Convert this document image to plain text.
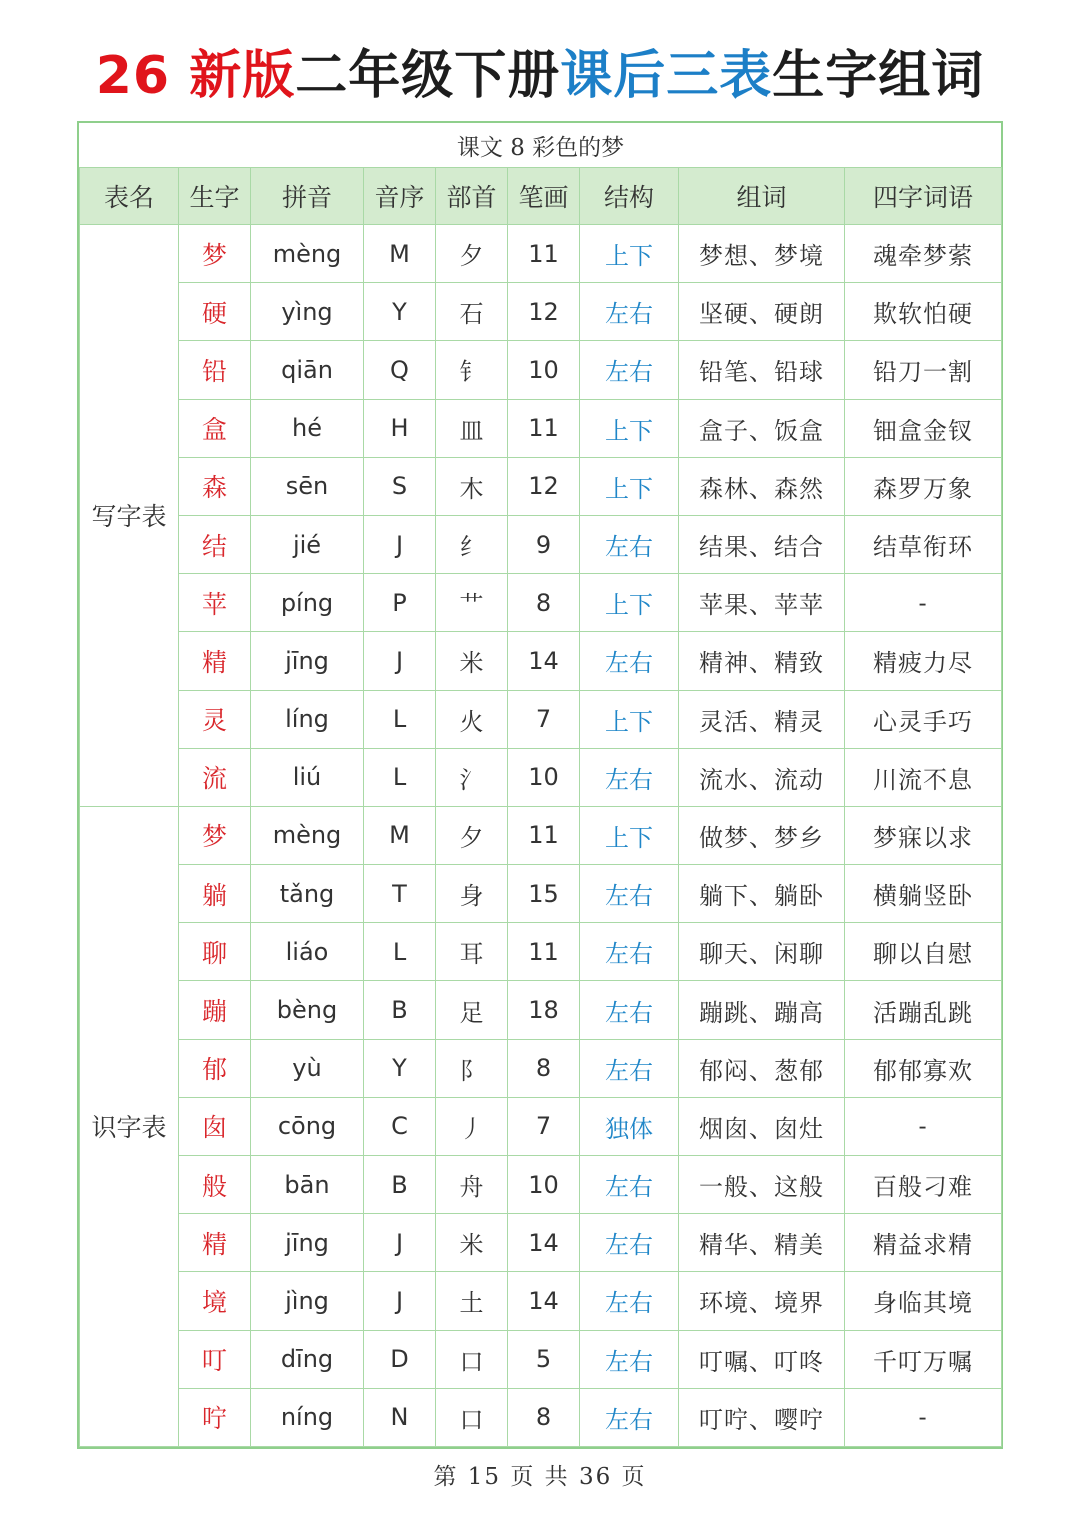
26 新版二年级下册课后三表生字组词
课文 8 彩色的梦								
表名	生字	拼音	音序	部首	笔画	结构	组词	四字词语
写字表	梦	mèng	M	夕	11	上下	梦想、梦境	魂牵梦萦
	硬	yìng	Y	石	12	左右	坚硬、硬朗	欺软怕硬
	铅	qiān	Q	钅	10	左右	铅笔、铅球	铅刀一割
	盒	hé	H	皿	11	上下	盒子、饭盒	钿盒金钗
	森	sēn	S	木	12	上下	森林、森然	森罗万象
	结	jié	J	纟	9	左右	结果、结合	结草衔环
	苹	píng	P	艹	8	上下	苹果、苹苹	-
	精	jīng	J	米	14	左右	精神、精致	精疲力尽
	灵	líng	L	火	7	上下	灵活、精灵	心灵手巧
	流	liú	L	氵	10	左右	流水、流动	川流不息
识字表	梦	mèng	M	夕	11	上下	做梦、梦乡	梦寐以求
	躺	tǎng	T	身	15	左右	躺下、躺卧	横躺竖卧
	聊	liáo	L	耳	11	左右	聊天、闲聊	聊以自慰
	蹦	bèng	B	足	18	左右	蹦跳、蹦高	活蹦乱跳
	郁	yù	Y	阝	8	左右	郁闷、葱郁	郁郁寡欢
	囱	cōng	C	丿	7	独体	烟囱、囱灶	-
	般	bān	B	舟	10	左右	一般、这般	百般刁难
	精	jīng	J	米	14	左右	精华、精美	精益求精
	境	jìng	J	土	14	左右	环境、境界	身临其境
	叮	dīng	D	口	5	左右	叮嘱、叮咚	千叮万嘱
	咛	níng	N	口	8	左右	叮咛、嘤咛	-
第 15 页 共 36 页
